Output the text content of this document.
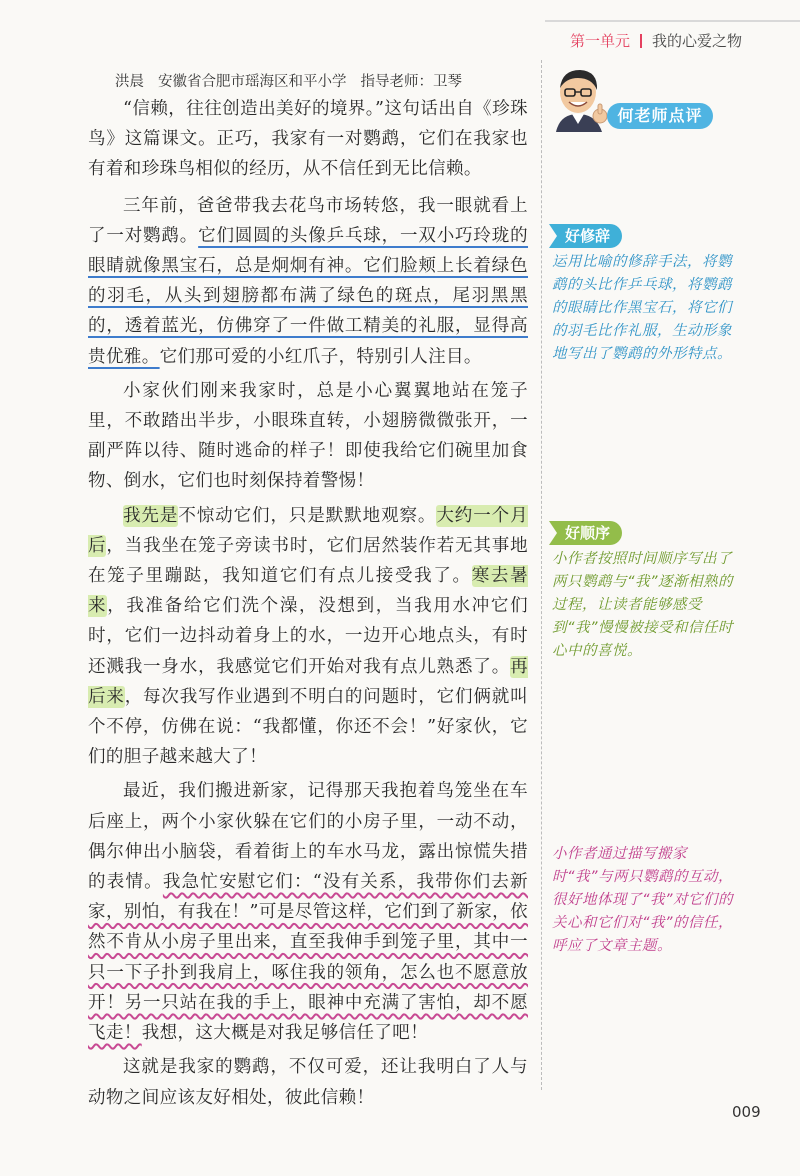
第一单元 我的心爱之物
洪晨 安徽省合肥市瑶海区和平小学 指导老师：卫琴

“信赖，往往创造出美好的境界。”这句话出自《珍珠鸟》这篇课文。正巧，我家有一对鹦鹉，它们在我家也有着和珍珠鸟相似的经历，从不信任到无比信赖。

三年前，爸爸带我去花鸟市场转悠，我一眼就看上了一对鹦鹉。它们圆圆的头像乒乓球，一双小巧玲珑的眼睛就像黑宝石，总是炯炯有神。它们脸颊上长着绿色的羽毛，从头到翅膀都布满了绿色的斑点，尾羽黑黑的，透着蓝光，仿佛穿了一件做工精美的礼服，显得高贵优雅。它们那可爱的小红爪子，特别引人注目。

小家伙们刚来我家时，总是小心翼翼地站在笼子里，不敢踏出半步，小眼珠直转，小翅膀微微张开，一副严阵以待、随时逃命的样子！即使我给它们碗里加食物、倒水，它们也时刻保持着警惕！

我先是不惊动它们，只是默默地观察。大约一个月后，当我坐在笼子旁读书时，它们居然装作若无其事地在笼子里蹦跶，我知道它们有点儿接受我了。寒去暑来，我准备给它们洗个澡，没想到，当我用水冲它们时，它们一边抖动着身上的水，一边开心地点头，有时还溅我一身水，我感觉它们开始对我有点儿熟悉了。再后来，每次我写作业遇到不明白的问题时，它们俩就叫个不停，仿佛在说：“我都懂，你还不会！”好家伙，它们的胆子越来越大了！

最近，我们搬进新家，记得那天我抱着鸟笼坐在车后座上，两个小家伙躲在它们的小房子里，一动不动，偶尔伸出小脑袋，看着街上的车水马龙，露出惊慌失措的表情。我急忙安慰它们：“没有关系，我带你们去新家，别怕，有我在！”可是尽管这样，它们到了新家，依然不肯从小房子里出来，直至我伸手到笼子里，其中一只一下子扑到我肩上，啄住我的领角，怎么也不愿意放开！另一只站在我的手上，眼神中充满了害怕，却不愿飞走！我想，这大概是对我足够信任了吧！

这就是我家的鹦鹉，不仅可爱，还让我明白了人与动物之间应该友好相处，彼此信赖！

何老师点评
好修辞
运用比喻的修辞手法，将鹦鹉的头比作乒乓球，将鹦鹉的眼睛比作黑宝石，将它们的羽毛比作礼服，生动形象地写出了鹦鹉的外形特点。
好顺序
小作者按照时间顺序写出了两只鹦鹉与“我”逐渐相熟的过程，让读者能够感受到“我”慢慢被接受和信任时心中的喜悦。
小作者通过描写搬家时“我”与两只鹦鹉的互动，很好地体现了“我”对它们的关心和它们对“我”的信任，呼应了文章主题。
009
